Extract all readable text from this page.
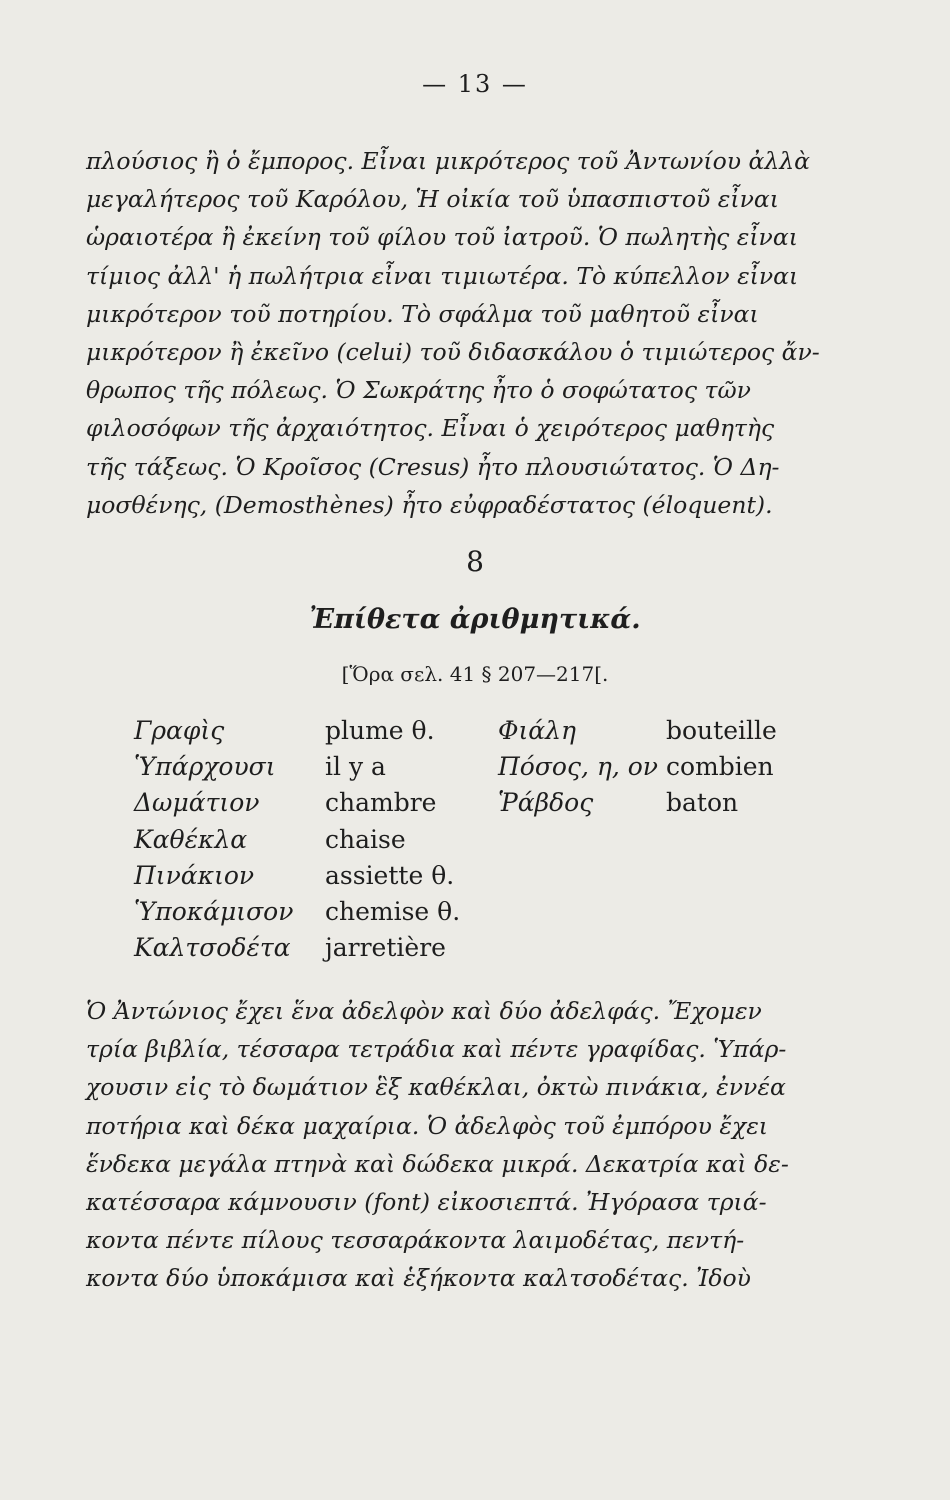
— 13 —
πλούσιος ἢ ὁ ἔμπορος. Εἶναι μικρότερος τοῦ Ἀντωνίου ἀλλὰ
μεγαλήτερος τοῦ Καρόλου, Ἡ οἰκία τοῦ ὑπασπιστοῦ εἶναι
ὡραιοτέρα ἢ ἐκείνη τοῦ φίλου τοῦ ἰατροῦ. Ὁ πωλητὴς εἶναι
τίμιος ἀλλ' ἡ πωλήτρια εἶναι τιμιωτέρα. Τὸ κύπελλον εἶναι
μικρότερον τοῦ ποτηρίου. Τὸ σφάλμα τοῦ μαθητοῦ εἶναι
μικρότερον ἢ ἐκεῖνο (celui) τοῦ διδασκάλου ὁ τιμιώτερος ἄν-
θρωπος τῆς πόλεως. Ὁ Σωκράτης ἦτο ὁ σοφώτατος τῶν
φιλοσόφων τῆς ἀρχαιότητος. Εἶναι ὁ χειρότερος μαθητὴς
τῆς τάξεως. Ὁ Κροῖσος (Cresus) ἦτο πλουσιώτατος. Ὁ Δη-
μοσθένης, (Demosthènes) ἦτο εὐφραδέστατος (éloquent).
8
Ἐπίθετα ἀριθμητικά.
[Ὅρα σελ. 41 § 207—217[.
Γραφὶς	plume θ.	Φιάλη	bouteille
Ὑπάρχουσι il y a	Πόσος, η, ον combien
Δωμάτιον	chambre Ῥάβδος	baton
Καθέκλα	chaise
Πινάκιον	assiette θ.
Ὑποκάμισον chemise θ.
Καλτσοδέτα jarretière
Ὁ Ἀντώνιος ἔχει ἕνα ἀδελφὸν καὶ δύο ἀδελφάς. Ἔχομεν
τρία βιβλία, τέσσαρα τετράδια καὶ πέντε γραφίδας. Ὑπάρ-
χουσιν εἰς τὸ δωμάτιον ἓξ καθέκλαι, ὀκτὼ πινάκια, ἐννέα
ποτήρια καὶ δέκα μαχαίρια. Ὁ ἀδελφὸς τοῦ ἐμπόρου ἔχει
ἕνδεκα μεγάλα πτηνὰ καὶ δώδεκα μικρά. Δεκατρία καὶ δε-
κατέσσαρα κάμνουσιν (font) εἰκοσιεπτά. Ἠγόρασα τριά-
κοντα πέντε πίλους τεσσαράκοντα λαιμοδέτας, πεντή-
κοντα δύο ὑποκάμισα καὶ ἑξήκοντα καλτσοδέτας. Ἰδοὺ
